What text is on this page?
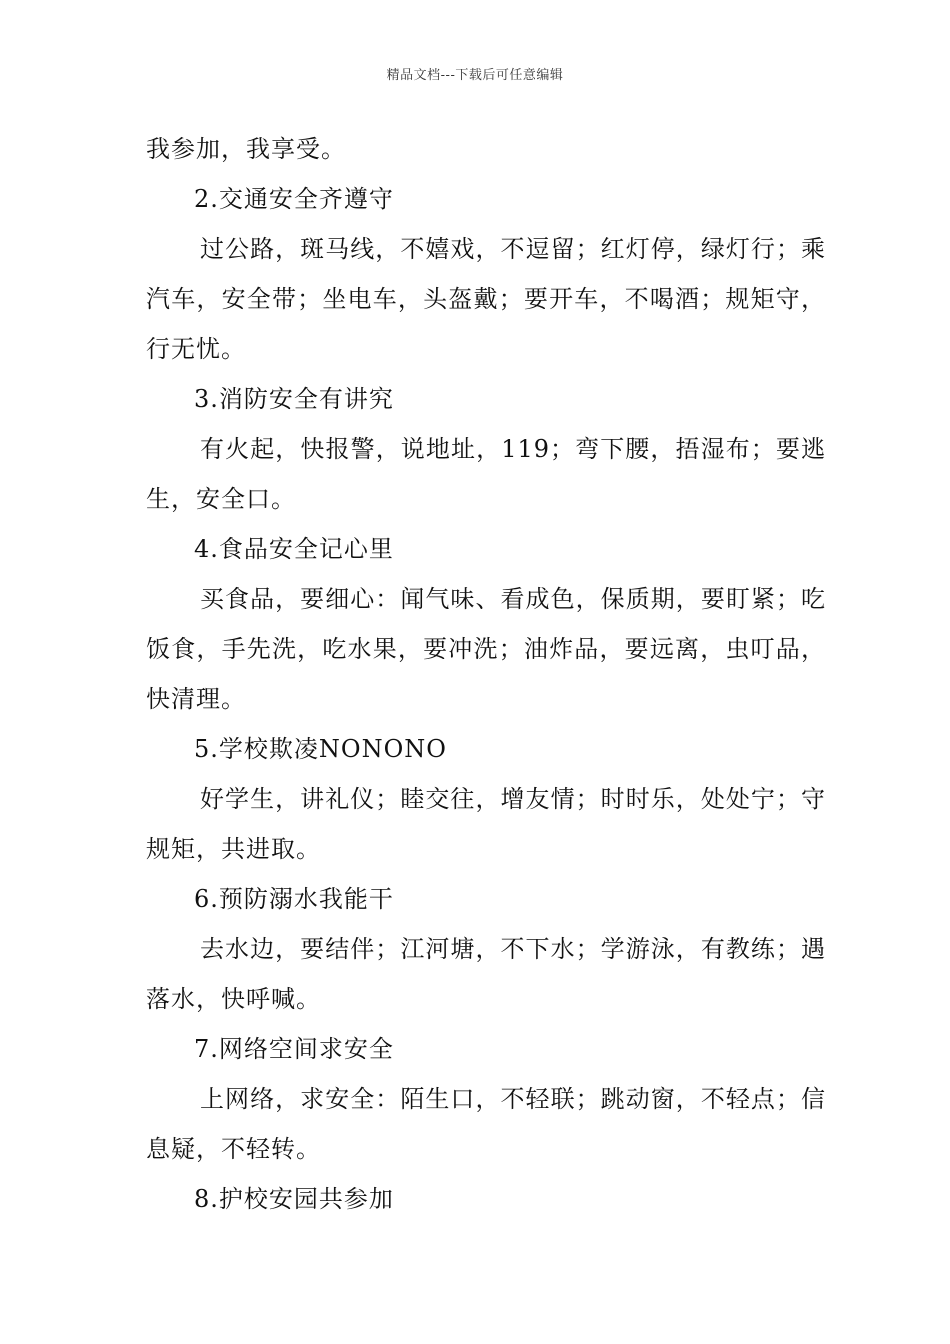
精品文档---下载后可任意编辑

我参加，我享受。

2.交通安全齐遵守

过公路，斑马线，不嬉戏，不逗留；红灯停，绿灯行；乘汽车，安全带；坐电车，头盔戴；要开车，不喝酒；规矩守，行无忧。

3.消防安全有讲究

有火起，快报警，说地址，119；弯下腰，捂湿布；要逃生，安全口。

4.食品安全记心里

买食品，要细心：闻气味、看成色，保质期，要盯紧；吃饭食，手先洗，吃水果，要冲洗；油炸品，要远离，虫叮品，快清理。

5.学校欺凌NONONO

好学生，讲礼仪；睦交往，增友情；时时乐，处处宁；守规矩，共进取。

6.预防溺水我能干

去水边，要结伴；江河塘，不下水；学游泳，有教练；遇落水，快呼喊。

7.网络空间求安全

上网络，求安全：陌生口，不轻联；跳动窗，不轻点；信息疑，不轻转。

8.护校安园共参加
